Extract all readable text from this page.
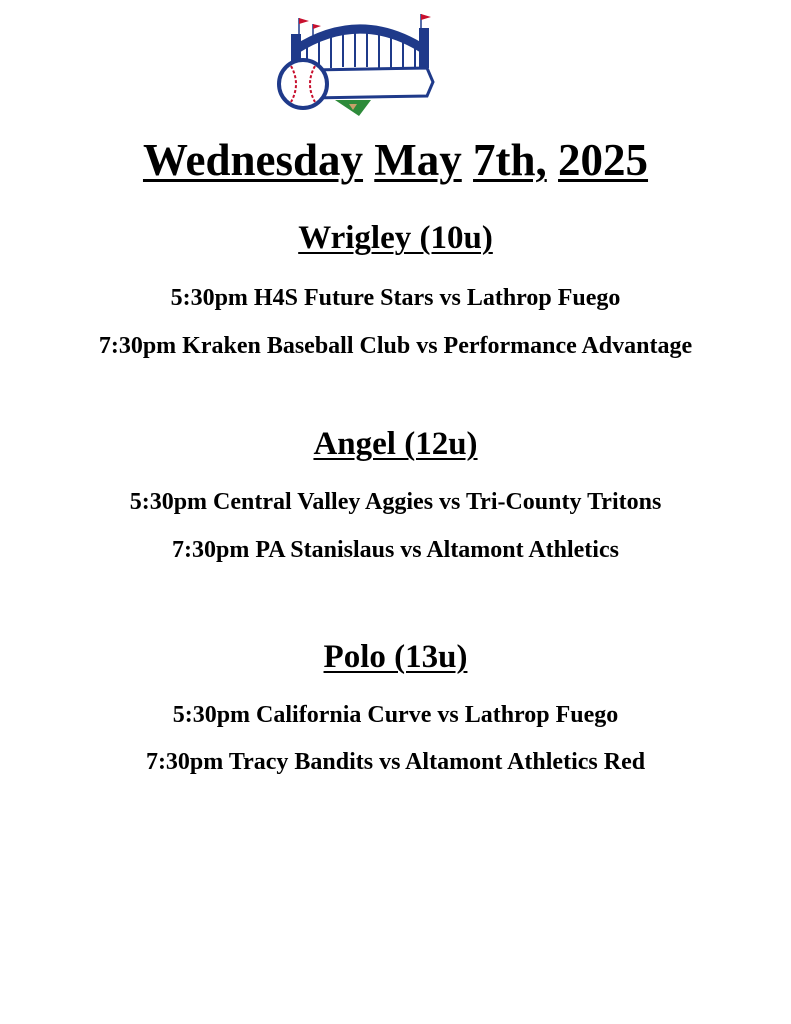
Wednesday May 7th, 2025
Wrigley (10u)

5:30pm H4S Future Stars vs Lathrop Fuego

7:30pm Kraken Baseball Club vs Performance Advantage

Angel (12u)

5:30pm Central Valley Aggies vs Tri-County Tritons

7:30pm PA Stanislaus vs Altamont Athletics

Polo (13u)

5:30pm California Curve vs Lathrop Fuego

7:30pm Tracy Bandits vs Altamont Athletics Red
